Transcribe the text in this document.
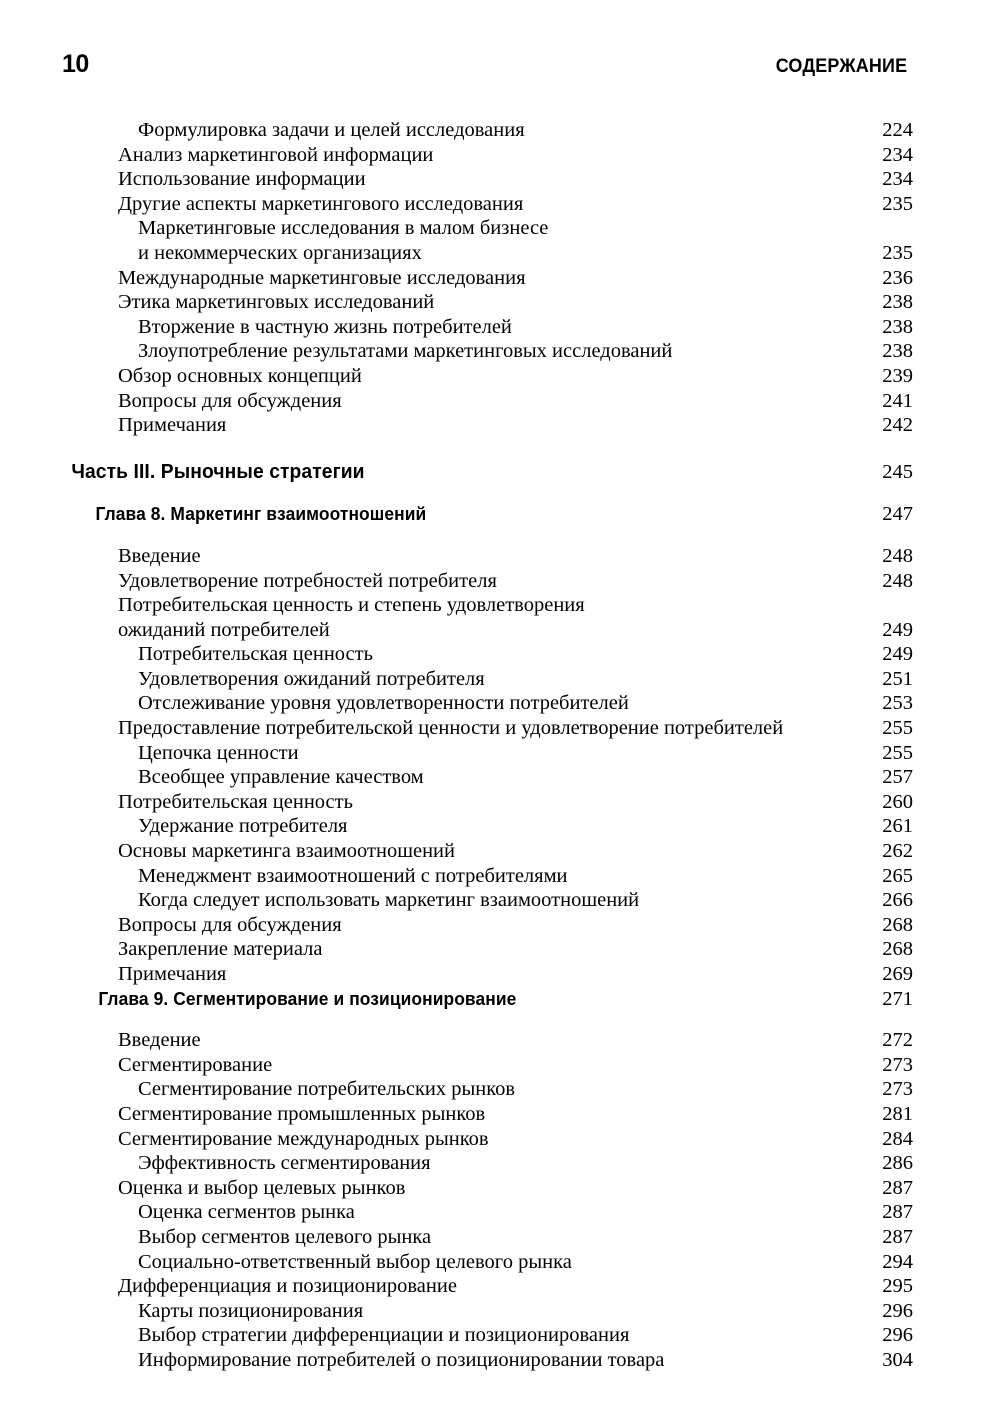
10	СОДЕРЖАНИЕ
Формулировка задачи и целей исследования	224
Анализ маркетинговой информации	234
Использование информации	234
Другие аспекты маркетингового исследования	235
Маркетинговые исследования в малом бизнесе
и некоммерческих организациях	235
Международные маркетинговые исследования	236
Этика маркетинговых исследований	238
Вторжение в частную жизнь потребителей	238
Злоупотребление результатами маркетинговых исследований	238
Обзор основных концепций	239
Вопросы для обсуждения	241
Примечания	242
Часть III. Рыночные стратегии	245
Глава 8. Маркетинг взаимоотношений	247
Введение	248
Удовлетворение потребностей потребителя	248
Потребительская ценность и степень удовлетворения
ожиданий потребителей	249
Потребительская ценность	249
Удовлетворения ожиданий потребителя	251
Отслеживание уровня удовлетворенности потребителей	253
Предоставление потребительской ценности и удовлетворение потребителей	255
Цепочка ценности	255
Всеобщее управление качеством	257
Потребительская ценность	260
Удержание потребителя	261
Основы маркетинга взаимоотношений	262
Менеджмент взаимоотношений с потребителями	265
Когда следует использовать маркетинг взаимоотношений	266
Вопросы для обсуждения	268
Закрепление материала	268
Примечания	269
Глава 9. Сегментирование и позиционирование	271
Введение	272
Сегментирование	273
Сегментирование потребительских рынков	273
Сегментирование промышленных рынков	281
Сегментирование международных рынков	284
Эффективность сегментирования	286
Оценка и выбор целевых рынков	287
Оценка сегментов рынка	287
Выбор сегментов целевого рынка	287
Социально-ответственный выбор целевого рынка	294
Дифференциация и позиционирование	295
Карты позиционирования	296
Выбор стратегии дифференциации и позиционирования	296
Информирование потребителей о позиционировании товара	304
